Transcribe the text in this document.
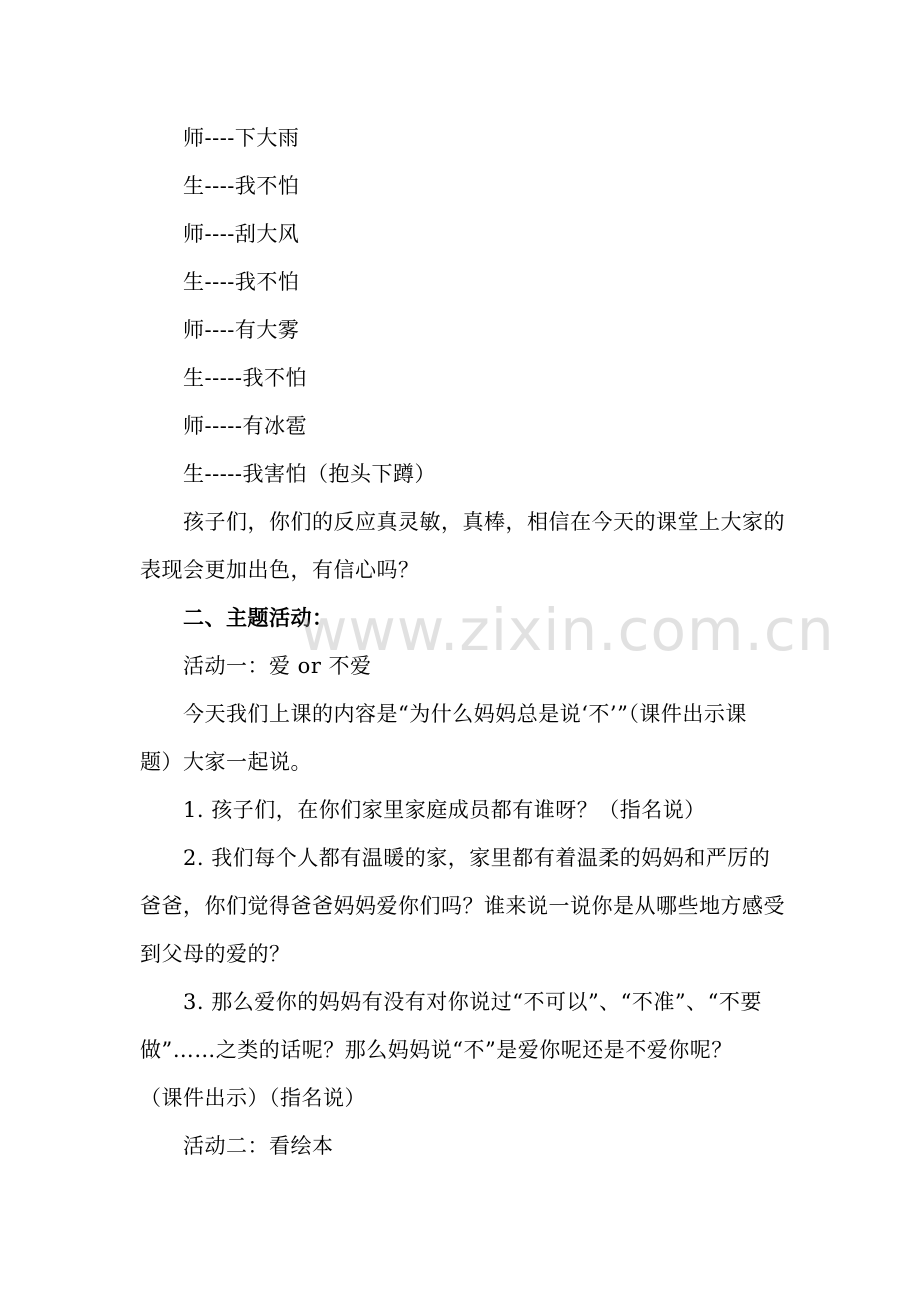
师----下大雨

生----我不怕

师----刮大风

生----我不怕

师----有大雾

生-----我不怕

师-----有冰雹

生-----我害怕（抱头下蹲）

孩子们，你们的反应真灵敏，真棒，相信在今天的课堂上大家的

表现会更加出色，有信心吗？

二、主题活动：

活动一：爱 or 不爱

今天我们上课的内容是“为什么妈妈总是说‘不’”（课件出示课

题）大家一起说。

1. 孩子们，在你们家里家庭成员都有谁呀？（指名说）

2. 我们每个人都有温暖的家，家里都有着温柔的妈妈和严厉的

爸爸，你们觉得爸爸妈妈爱你们吗？谁来说一说你是从哪些地方感受

到父母的爱的？

3. 那么爱你的妈妈有没有对你说过“不可以”、“不准”、“不要

做”……之类的话呢？那么妈妈说“不”是爱你呢还是不爱你呢？

（课件出示）（指名说）

活动二：看绘本

www.zixin.com.cn
